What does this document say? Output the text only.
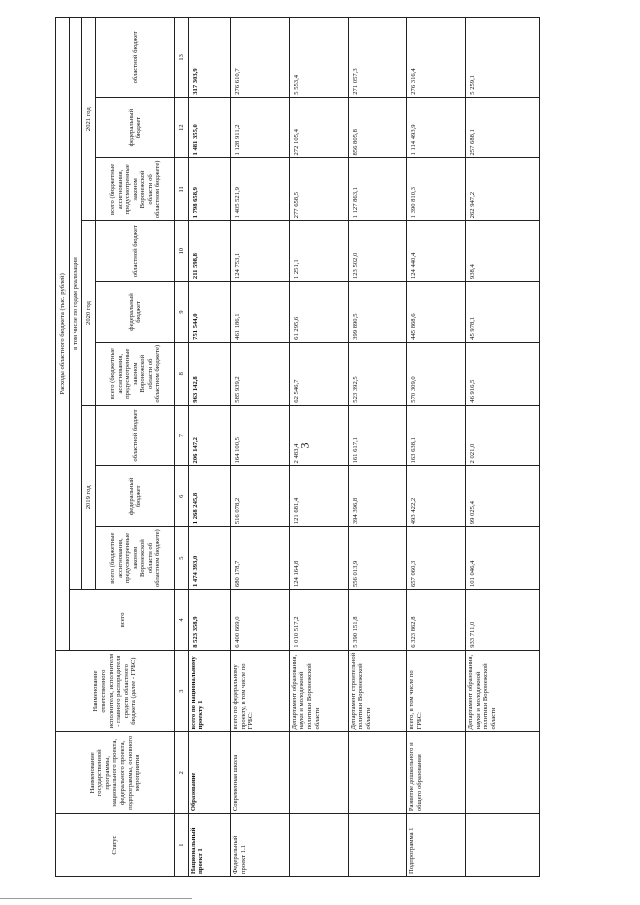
3
Статус	Наименование государственной программы, национального проекта, федерального проекта, подпрограммы, основного мероприятия	Наименование ответственного исполнителя, исполнителя - главного распорядителя средств областного бюджета (далее - ГРБС)	Расходы областного бюджета (тыс. рублей)									
			всего	в том числе по годам реализации								
				2019 год			2020 год			2021 год		
				всего (бюджетные ассигнования, предусмотренные законом Воронежской области об областном бюджете)	федеральный бюджет	областной бюджет	всего (бюджетные ассигнования, предусмотренные законом Воронежской области об областном бюджете)	федеральный бюджет	областной бюджет	всего (бюджетные ассигнования, предусмотренные законом Воронежской области об областном бюджете)	федеральный бюджет	областной бюджет

1	2	3	4	5	6	7	8	9	10	11	12	13
Национальный проект 1	Образование	всего по национальному проекту 1	8 523 358,9	1 474 393,0	1 268 245,8	206 147,2	963 142,8	751 544,0	211 598,8	1 798 658,9	1 481 355,0	317 303,9
Федеральный проект 1.1	Современная школа	всего по федеральному проекту, в том числе по ГРБС:	6 400 669,0	680 178,7	516 078,2	164 100,5	585 939,2	461 186,1	124 753,1	1 405 521,9	1 128 911,2	276 610,7
		Департамент образования, науки и молодежной политики Воронежской области	1 010 517,2	124 164,8	121 681,4	2 483,4	62 546,7	61 295,6	1 251,1	277 658,5	272 105,4	5 553,4
		Департамент строительной политики Воронежской области	5 390 151,8	556 013,9	394 396,8	161 617,1	523 392,5	399 890,5	123 502,0	1 127 863,1	856 805,8	271 057,3
Подпрограмма 1	Развитие дошкольного и общего образования	всего, в том числе по ГРБС:	6 323 862,8	657 060,3	493 422,2	163 638,1	570 309,0	445 868,6	124 440,4	1 390 810,3	1 114 493,9	276 316,4
		Департамент образования, науки и молодежной политики Воронежской области	933 711,0	101 046,4	99 025,4	2 021,0	46 916,5	45 978,1	938,4	262 947,2	257 688,1	5 259,1
